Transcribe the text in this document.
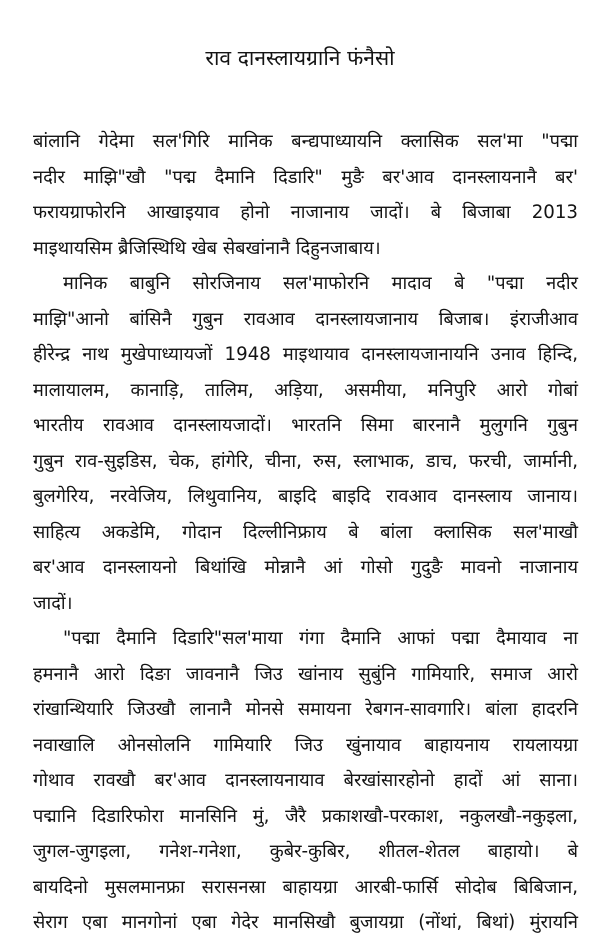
राव दानस्लायग्रानि फंनैसो
बांलानि गेदेमा सल'गिरि मानिक बन्द्यपाध्यायनि क्लासिक सल'मा "पद्मा
नदीर माझि"खौ "पद्म दैमानि दिडारि" मुङै बर'आव दानस्लायनानै बर'
फरायग्राफोरनि आखाइयाव होनो नाजानाय जादों। बे बिजाबा 2013
माइथायसिम ब्रैजिस्थिथि खेब सेबखांनानै दिहुनजाबाय।
मानिक बाबुनि सोरजिनाय सल'माफोरनि मादाव बे "पद्मा नदीर
माझि"आनो बांसिनै गुबुन रावआव दानस्लायजानाय बिजाब। इंराजीआव
हीरेन्द्र नाथ मुखेपाध्यायजों 1948 माइथायाव दानस्लायजानायनि उनाव हिन्दि,
मालायालम, कानाड़ि, तालिम, अड़िया, असमीया, मनिपुरि आरो गोबां
भारतीय रावआव दानस्लायजादों। भारतनि सिमा बारनानै मुलुगनि गुबुन
गुबुन राव-सुइडिस, चेक, हांगेरि, चीना, रुस, स्लाभाक, डाच, फरची, जार्मानी,
बुलगेरिय, नरवेजिय, लिथुवानिय, बाइदि बाइदि रावआव दानस्लाय जानाय।
साहित्य अकडेमि, गोदान दिल्लीनिफ्राय बे बांला क्लासिक सल'माखौ
बर'आव दानस्लायनो बिथांखि मोन्नानै आं गोसो गुदुङै मावनो नाजानाय
जादों।
"पद्मा दैमानि दिडारि"सल'माया गंगा दैमानि आफां पद्मा दैमायाव ना
हमनानै आरो दिङा जावनानै जिउ खांनाय सुबुंनि गामियारि, समाज आरो
रांखान्थियारि जिउखौ लानानै मोनसे समायना रेबगन-सावगारि। बांला हादरनि
नवाखालि ओनसोलनि गामियारि जिउ खुंनायाव बाहायनाय रायलायग्रा
गोथाव रावखौ बर'आव दानस्लायनायाव बेरखांसारहोनो हादों आं साना।
पद्मानि दिडारिफोरा मानसिनि मुं, जैरै प्रकाशखौ-परकाश, नकुलखौ-नकुइला,
जुगल-जुगइला, गनेश-गनेशा, कुबेर-कुबिर, शीतल-शेतल बाहायो। बे
बायदिनो मुसलमानफ्रा सरासनस्रा बाहायग्रा आरबी-फार्सि सोदोब बिबिजान,
सेराग एबा मानगोनां एबा गेदेर मानसिखौ बुजायग्रा (नोंथां, बिथां) मुंरायनि
